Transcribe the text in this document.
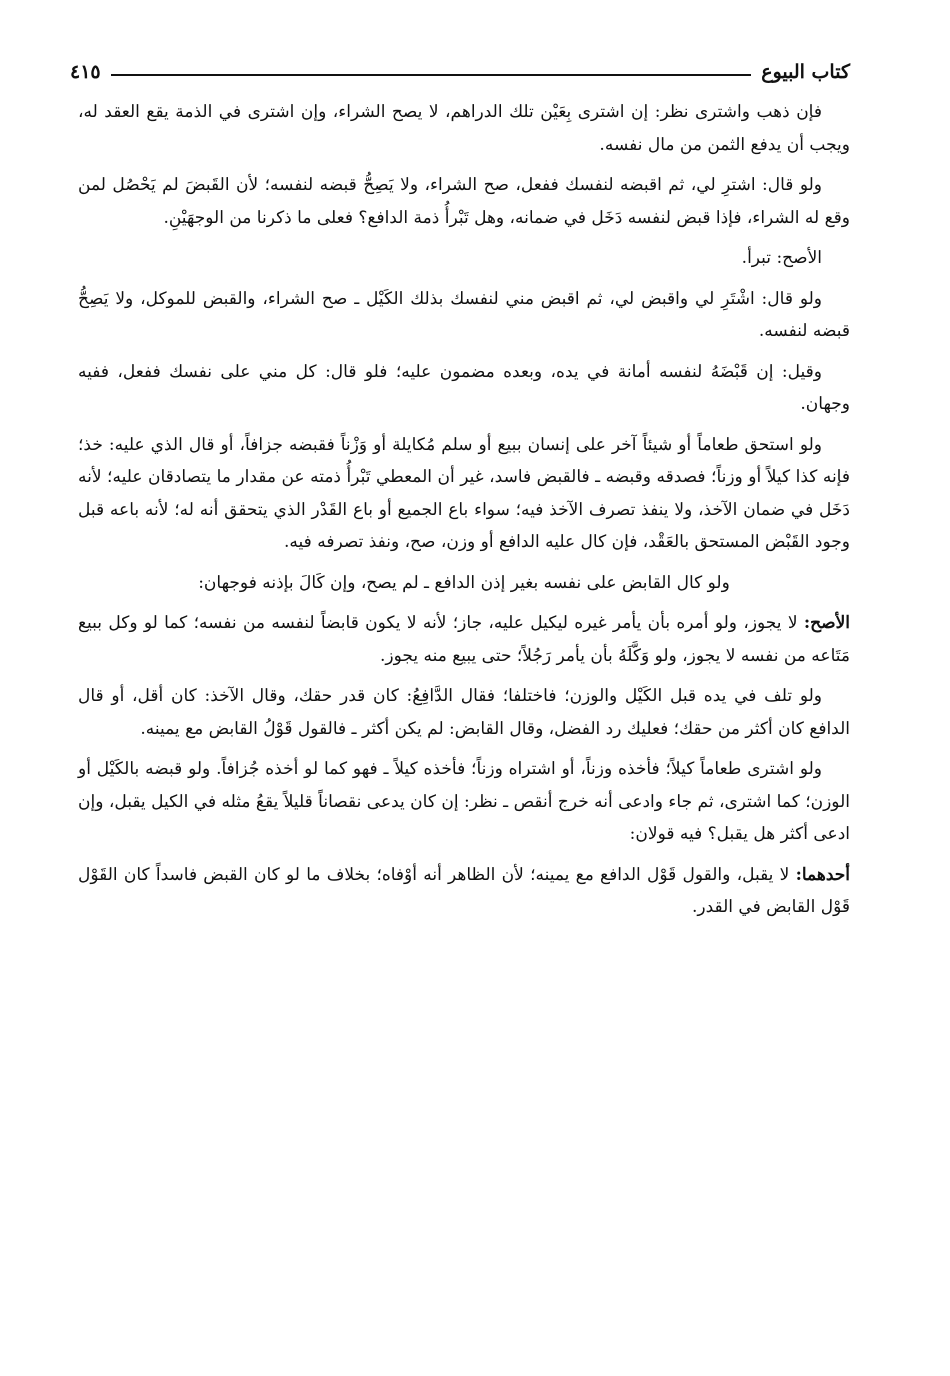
كتاب البيوع
٤١٥

فإن ذهب واشترى نظر: إن اشترى بِعَيْن تلك الدراهم، لا يصح الشراء، وإن اشترى في الذمة يقع العقد له، ويجب أن يدفع الثمن من مال نفسه.

ولو قال: اشترِ لي، ثم اقبضه لنفسك ففعل، صح الشراء، ولا يَصِحُّ قبضه لنفسه؛ لأن القَبضَ لم يَحْصُل لمن وقع له الشراء، فإذا قبض لنفسه دَخَل في ضمانه، وهل تَبْرأُ ذمة الدافع؟ فعلى ما ذكرنا من الوجهَيْنِ.

الأصح: تبرأ.

ولو قال: اشْتَرِ لي واقبض لي، ثم اقبض مني لنفسك بذلك الكَيْل ـ صح الشراء، والقبض للموكل، ولا يَصِحُّ قبضه لنفسه.

وقيل: إن قَبْضَهُ لنفسه أمانة في يده، وبعده مضمون عليه؛ فلو قال: كل مني على نفسك ففعل، ففيه وجهان.

ولو استحق طعاماً أو شيئاً آخر على إنسان ببيع أو سلم مُكايلة أو وَزْناً فقبضه جزافاً، أو قال الذي عليه: خذ؛ فإنه كذا كيلاً أو وزناً؛ فصدقه وقبضه ـ فالقبض فاسد، غير أن المعطي تَبْرأُ ذمته عن مقدار ما يتصادقان عليه؛ لأنه دَخَل في ضمان الآخذ، ولا ينفذ تصرف الآخذ فيه؛ سواء باع الجميع أو باع القَدْر الذي يتحقق أنه له؛ لأنه باعه قبل وجود القَبْض المستحق بالعَقْد، فإن كال عليه الدافع أو وزن، صح، ونفذ تصرفه فيه.

ولو كال القابض على نفسه بغير إذن الدافع ـ لم يصح، وإن كَالَ بإذنه فوجهان:

الأصح: لا يجوز، ولو أمره بأن يأمر غيره ليكيل عليه، جاز؛ لأنه لا يكون قابضاً لنفسه من نفسه؛ كما لو وكل ببيع مَتَاعه من نفسه لا يجوز، ولو وَكَّلَهُ بأن يأمر رَجُلاً؛ حتى يبيع منه يجوز.

ولو تلف في يده قبل الكَيْل والوزن؛ فاختلفا؛ فقال الدَّافِعُ: كان قدر حقك، وقال الآخذ: كان أقل، أو قال الدافع كان أكثر من حقك؛ فعليك رد الفضل، وقال القابض: لم يكن أكثر ـ فالقول قَوْلُ القابض مع يمينه.

ولو اشترى طعاماً كيلاً؛ فأخذه وزناً، أو اشتراه وزناً؛ فأخذه كيلاً ـ فهو كما لو أخذه جُزافاً. ولو قبضه بالكَيْل أو الوزن؛ كما اشترى، ثم جاء وادعى أنه خرج أنقص ـ نظر: إن كان يدعى نقصاناً قليلاً يقعُ مثله في الكيل يقبل، وإن ادعى أكثر هل يقبل؟ فيه قولان:

أحدهما: لا يقبل، والقول قَوْل الدافع مع يمينه؛ لأن الظاهر أنه أوْفاه؛ بخلاف ما لو كان القبض فاسداً كان القَوْل قَوْل القابض في القدر.
